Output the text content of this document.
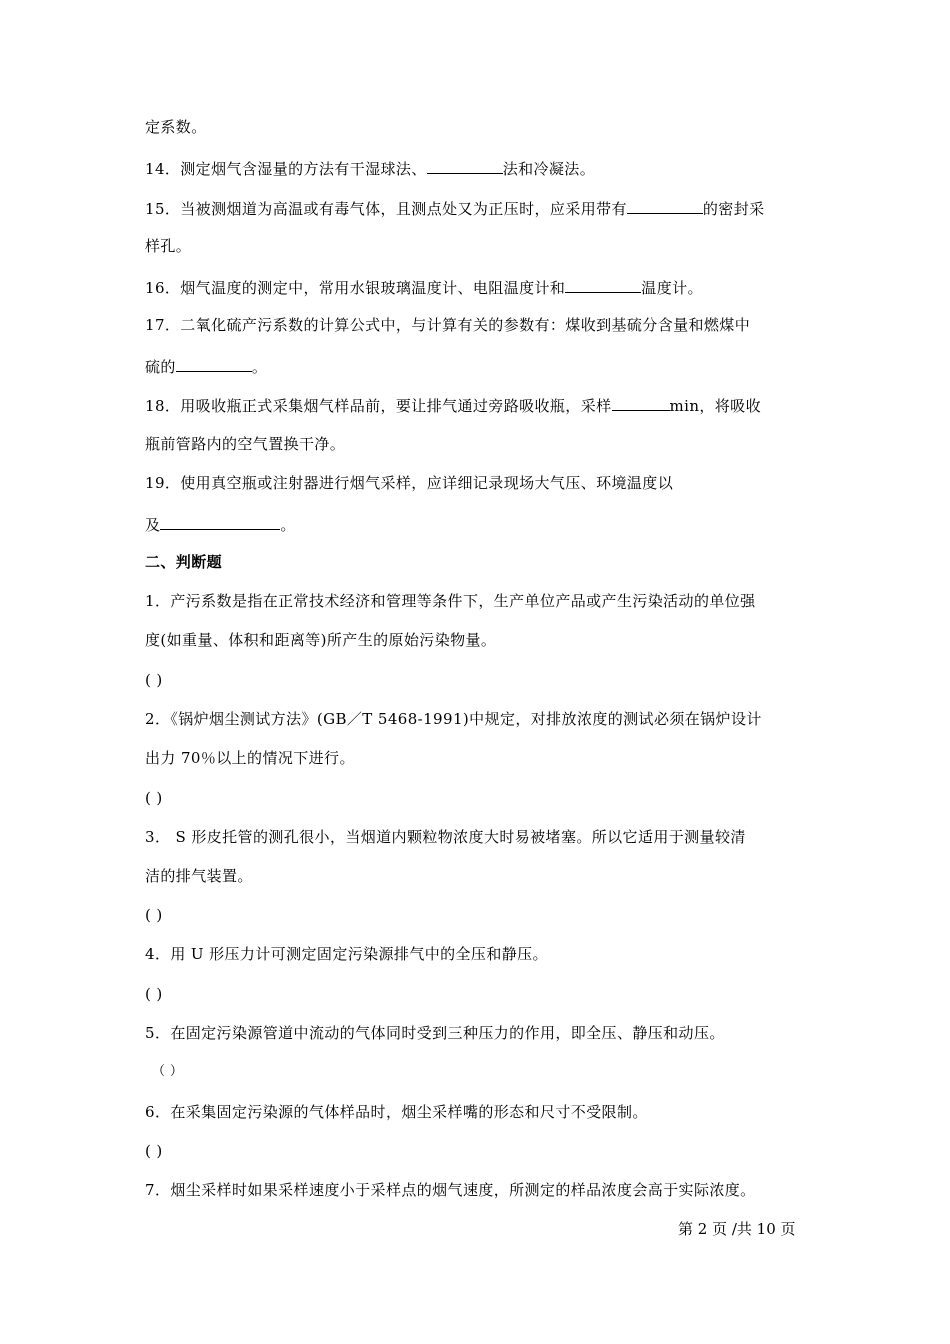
定系数。
14．测定烟气含湿量的方法有干湿球法、	法和冷凝法。
15．当被测烟道为高温或有毒气体，且测点处又为正压时，应采用带有	的密封采
样孔。
16．烟气温度的测定中，常用水银玻璃温度计、电阻温度计和	温度计。
17．二氧化硫产污系数的计算公式中，与计算有关的参数有：煤收到基硫分含量和燃煤中
硫的	。
18．用吸收瓶正式采集烟气样品前，要让排气通过旁路吸收瓶，采样	min，将吸收
瓶前管路内的空气置换干净。
19．使用真空瓶或注射器进行烟气采样，应详细记录现场大气压、环境温度以
及	。
二、判断题
1．产污系数是指在正常技术经济和管理等条件下，生产单位产品或产生污染活动的单位强
度(如重量、体积和距离等)所产生的原始污染物量。
( )
2．《锅炉烟尘测试方法》(GB／T 5468-1991)中规定，对排放浓度的测试必须在锅炉设计
出力 70％以上的情况下进行。
( )
3． S 形皮托管的测孔很小，当烟道内颗粒物浓度大时易被堵塞。所以它适用于测量较清
洁的排气装置。
( )
4．用 U 形压力计可测定固定污染源排气中的全压和静压。
( )
5．在固定污染源管道中流动的气体同时受到三种压力的作用，即全压、静压和动压。
（ ）
6．在采集固定污染源的气体样品时，烟尘采样嘴的形态和尺寸不受限制。
( )
7．烟尘采样时如果采样速度小于采样点的烟气速度，所测定的样品浓度会高于实际浓度。
第 2 页 /共 10 页
